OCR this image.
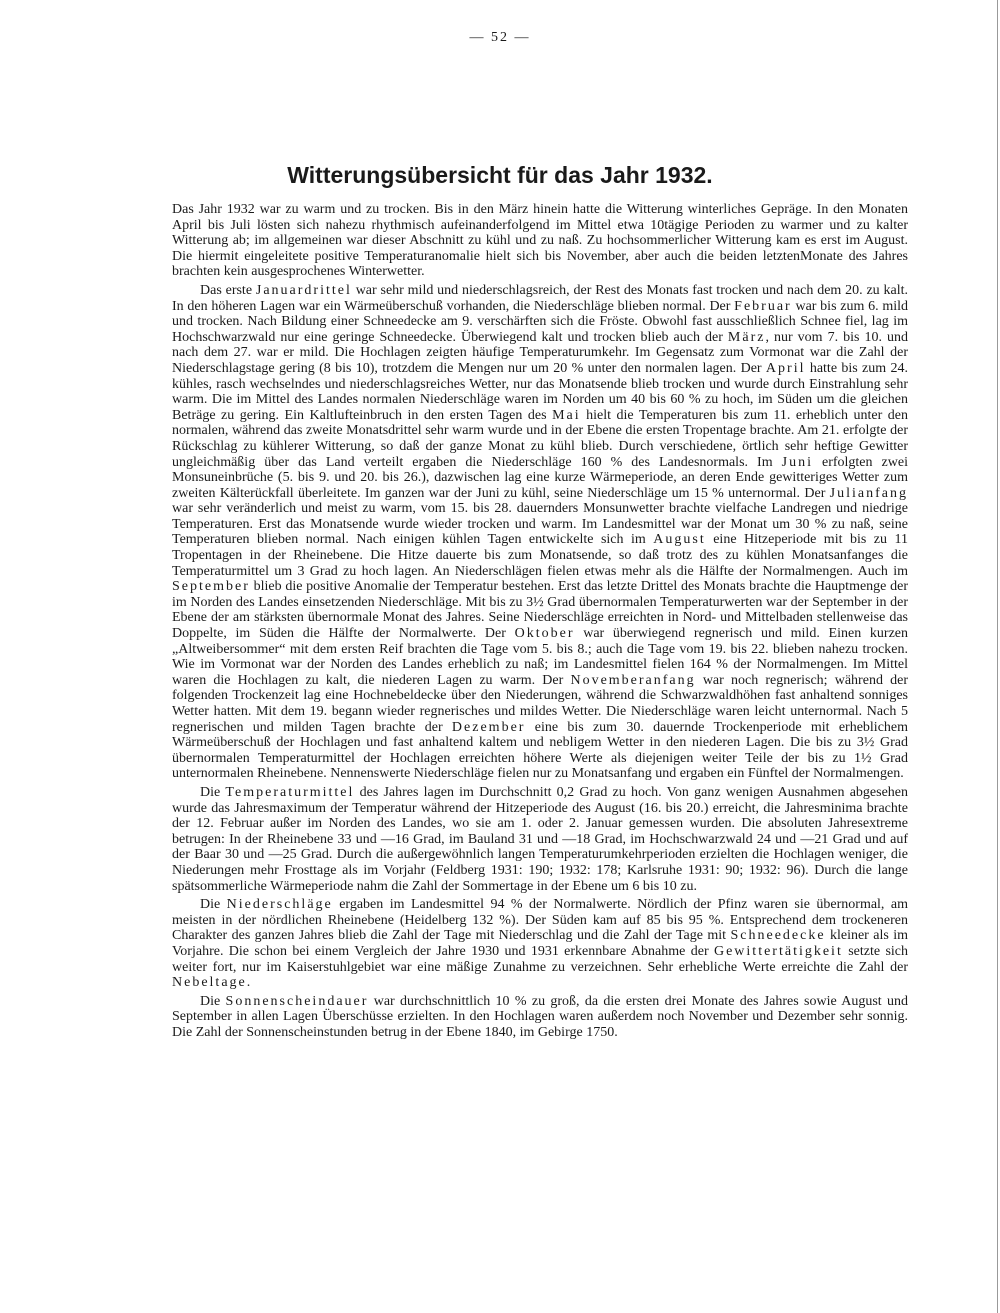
— 52 —
Witterungsübersicht für das Jahr 1932.

Das Jahr 1932 war zu warm und zu trocken. Bis in den März hinein hatte die Witterung winterliches Gepräge. In den Monaten April bis Juli lösten sich nahezu rhythmisch aufeinanderfolgend im Mittel etwa 10tägige Perioden zu warmer und zu kalter Witterung ab; im allgemeinen war dieser Abschnitt zu kühl und zu naß. Zu hochsommerlicher Witterung kam es erst im August. Die hiermit eingeleitete positive Temperaturanomalie hielt sich bis November, aber auch die beiden letztenMonate des Jahres brachten kein ausgesprochenes Winterwetter.

Das erste Januardrittel war sehr mild und niederschlagsreich, der Rest des Monats fast trocken und nach dem 20. zu kalt. In den höheren Lagen war ein Wärmeüberschuß vorhanden, die Niederschläge blieben normal. Der Februar war bis zum 6. mild und trocken. Nach Bildung einer Schneedecke am 9. verschärften sich die Fröste. Obwohl fast ausschließlich Schnee fiel, lag im Hochschwarzwald nur eine geringe Schneedecke. Überwiegend kalt und trocken blieb auch der März, nur vom 7. bis 10. und nach dem 27. war er mild. Die Hochlagen zeigten häufige Temperaturumkehr. Im Gegensatz zum Vormonat war die Zahl der Niederschlagstage gering (8 bis 10), trotzdem die Mengen nur um 20 % unter den normalen lagen. Der April hatte bis zum 24. kühles, rasch wechselndes und niederschlagsreiches Wetter, nur das Monatsende blieb trocken und wurde durch Einstrahlung sehr warm. Die im Mittel des Landes normalen Niederschläge waren im Norden um 40 bis 60 % zu hoch, im Süden um die gleichen Beträge zu gering. Ein Kaltlufteinbruch in den ersten Tagen des Mai hielt die Temperaturen bis zum 11. erheblich unter den normalen, während das zweite Monatsdrittel sehr warm wurde und in der Ebene die ersten Tropentage brachte. Am 21. erfolgte der Rückschlag zu kühlerer Witterung, so daß der ganze Monat zu kühl blieb. Durch verschiedene, örtlich sehr heftige Gewitter ungleichmäßig über das Land verteilt ergaben die Niederschläge 160 % des Landesnormals. Im Juni erfolgten zwei Monsuneinbrüche (5. bis 9. und 20. bis 26.), dazwischen lag eine kurze Wärmeperiode, an deren Ende gewitteriges Wetter zum zweiten Kälterückfall überleitete. Im ganzen war der Juni zu kühl, seine Niederschläge um 15 % unternormal. Der Julianfang war sehr veränderlich und meist zu warm, vom 15. bis 28. dauernders Monsunwetter brachte vielfache Landregen und niedrige Temperaturen. Erst das Monatsende wurde wieder trocken und warm. Im Landesmittel war der Monat um 30 % zu naß, seine Temperaturen blieben normal. Nach einigen kühlen Tagen entwickelte sich im August eine Hitzeperiode mit bis zu 11 Tropentagen in der Rheinebene. Die Hitze dauerte bis zum Monatsende, so daß trotz des zu kühlen Monatsanfanges die Temperaturmittel um 3 Grad zu hoch lagen. An Niederschlägen fielen etwas mehr als die Hälfte der Normalmengen. Auch im September blieb die positive Anomalie der Temperatur bestehen. Erst das letzte Drittel des Monats brachte die Hauptmenge der im Norden des Landes einsetzenden Niederschläge. Mit bis zu 3½ Grad übernormalen Temperaturwerten war der September in der Ebene der am stärksten übernormale Monat des Jahres. Seine Niederschläge erreichten in Nord- und Mittelbaden stellenweise das Doppelte, im Süden die Hälfte der Normalwerte. Der Oktober war überwiegend regnerisch und mild. Einen kurzen „Altweibersommer“ mit dem ersten Reif brachten die Tage vom 5. bis 8.; auch die Tage vom 19. bis 22. blieben nahezu trocken. Wie im Vormonat war der Norden des Landes erheblich zu naß; im Landesmittel fielen 164 % der Normalmengen. Im Mittel waren die Hochlagen zu kalt, die niederen Lagen zu warm. Der Novemberanfang war noch regnerisch; während der folgenden Trockenzeit lag eine Hochnebeldecke über den Niederungen, während die Schwarzwaldhöhen fast anhaltend sonniges Wetter hatten. Mit dem 19. begann wieder regnerisches und mildes Wetter. Die Niederschläge waren leicht unternormal. Nach 5 regnerischen und milden Tagen brachte der Dezember eine bis zum 30. dauernde Trockenperiode mit erheblichem Wärmeüberschuß der Hochlagen und fast anhaltend kaltem und nebligem Wetter in den niederen Lagen. Die bis zu 3½ Grad übernormalen Temperaturmittel der Hochlagen erreichten höhere Werte als diejenigen weiter Teile der bis zu 1½ Grad unternormalen Rheinebene. Nennenswerte Niederschläge fielen nur zu Monatsanfang und ergaben ein Fünftel der Normalmengen.

Die Temperaturmittel des Jahres lagen im Durchschnitt 0,2 Grad zu hoch. Von ganz wenigen Ausnahmen abgesehen wurde das Jahresmaximum der Temperatur während der Hitzeperiode des August (16. bis 20.) erreicht, die Jahresminima brachte der 12. Februar außer im Norden des Landes, wo sie am 1. oder 2. Januar gemessen wurden. Die absoluten Jahresextreme betrugen: In der Rheinebene 33 und —16 Grad, im Bauland 31 und —18 Grad, im Hochschwarzwald 24 und —21 Grad und auf der Baar 30 und —25 Grad. Durch die außergewöhnlich langen Temperaturumkehrperioden erzielten die Hochlagen weniger, die Niederungen mehr Frosttage als im Vorjahr (Feldberg 1931: 190; 1932: 178; Karlsruhe 1931: 90; 1932: 96). Durch die lange spätsommerliche Wärmeperiode nahm die Zahl der Sommertage in der Ebene um 6 bis 10 zu.

Die Niederschläge ergaben im Landesmittel 94 % der Normalwerte. Nördlich der Pfinz waren sie übernormal, am meisten in der nördlichen Rheinebene (Heidelberg 132 %). Der Süden kam auf 85 bis 95 %. Entsprechend dem trockeneren Charakter des ganzen Jahres blieb die Zahl der Tage mit Niederschlag und die Zahl der Tage mit Schneedecke kleiner als im Vorjahre. Die schon bei einem Vergleich der Jahre 1930 und 1931 erkennbare Abnahme der Gewittertätigkeit setzte sich weiter fort, nur im Kaiserstuhlgebiet war eine mäßige Zunahme zu verzeichnen. Sehr erhebliche Werte erreichte die Zahl der Nebeltage.

Die Sonnenscheindauer war durchschnittlich 10 % zu groß, da die ersten drei Monate des Jahres sowie August und September in allen Lagen Überschüsse erzielten. In den Hochlagen waren außerdem noch November und Dezember sehr sonnig. Die Zahl der Sonnenscheinstunden betrug in der Ebene 1840, im Gebirge 1750.
